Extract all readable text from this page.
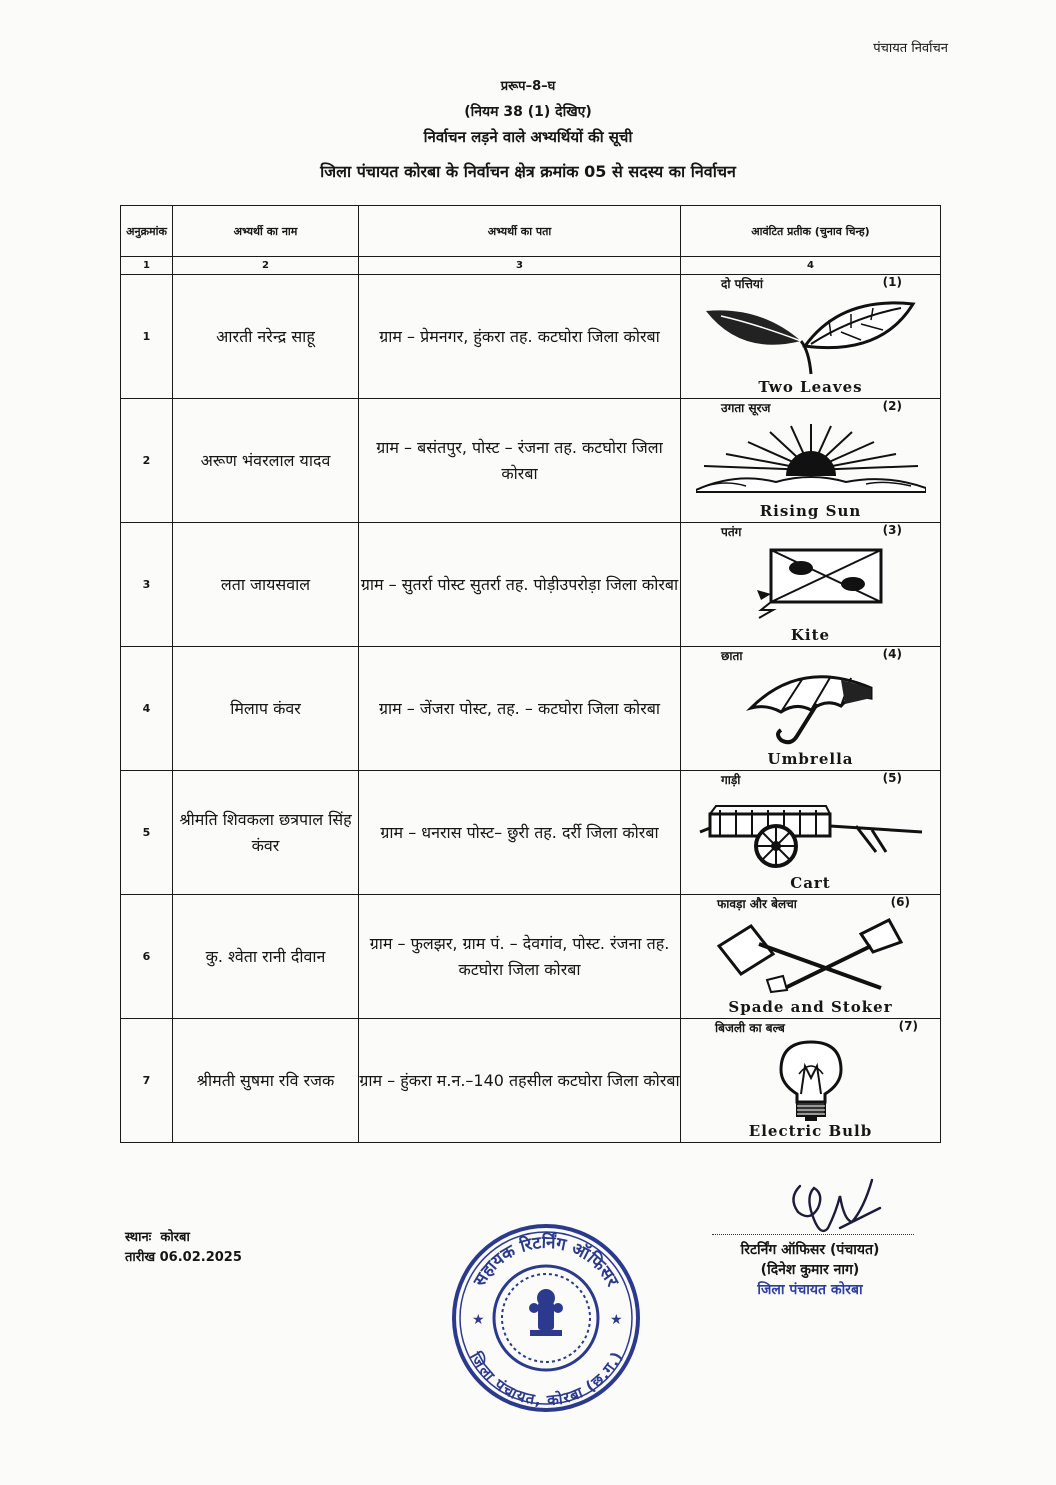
पंचायत निर्वाचन
प्ररूप–8–घ
(नियम 38 (1) देखिए)
निर्वाचन लड़ने वाले अभ्यर्थियों की सूची
जिला पंचायत कोरबा के निर्वाचन क्षेत्र क्रमांक 05 से सदस्य का निर्वाचन
अनुक्रमांक	अभ्यर्थी का नाम	अभ्यर्थी का पता	आवंटित प्रतीक (चुनाव चिन्ह)
1	2	3	4
1	आरती नरेन्द्र साहू	ग्राम – प्रेमनगर, हुंकरा तह. कटघोरा जिला कोरबा	दो पत्तियां (1)
Two Leaves

2	अरूण भंवरलाल यादव	ग्राम – बसंतपुर, पोस्ट – रंजना तह. कटघोरा जिला कोरबा	उगता सूरज (2)
Rising Sun

3	लता जायसवाल	ग्राम – सुतर्रा पोस्ट सुतर्रा तह. पोड़ीउपरोड़ा जिला कोरबा	पतंग (3)
Kite

4	मिलाप कंवर	ग्राम – जेंजरा पोस्ट, तह. – कटघोरा जिला कोरबा	छाता (4)
Umbrella

5	श्रीमति शिवकला छत्रपाल सिंह कंवर	ग्राम – धनरास पोस्ट– छुरी तह. दर्री जिला कोरबा	गाड़ी (5)
Cart

6	कु. श्वेता रानी दीवान	ग्राम – फुलझर, ग्राम पं. – देवगांव, पोस्ट. रंजना तह. कटघोरा जिला कोरबा	फावड़ा और बेलचा (6)
Spade and Stoker

7	श्रीमती सुषमा रवि रजक	ग्राम – हुंकरा म.न.–140 तहसील कटघोरा जिला कोरबा	बिजली का बल्ब (7)
Electric Bulb
स्थानः कोरबा
तारीख 06.02.2025	रिटर्निंग ऑफिसर (पंचायत)
(दिनेश कुमार नाग)
जिला पंचायत कोरबा
सहायक रिटर्निंग ऑफिसर
जिला पंचायत, कोरबा (छ.ग.)
★	★
